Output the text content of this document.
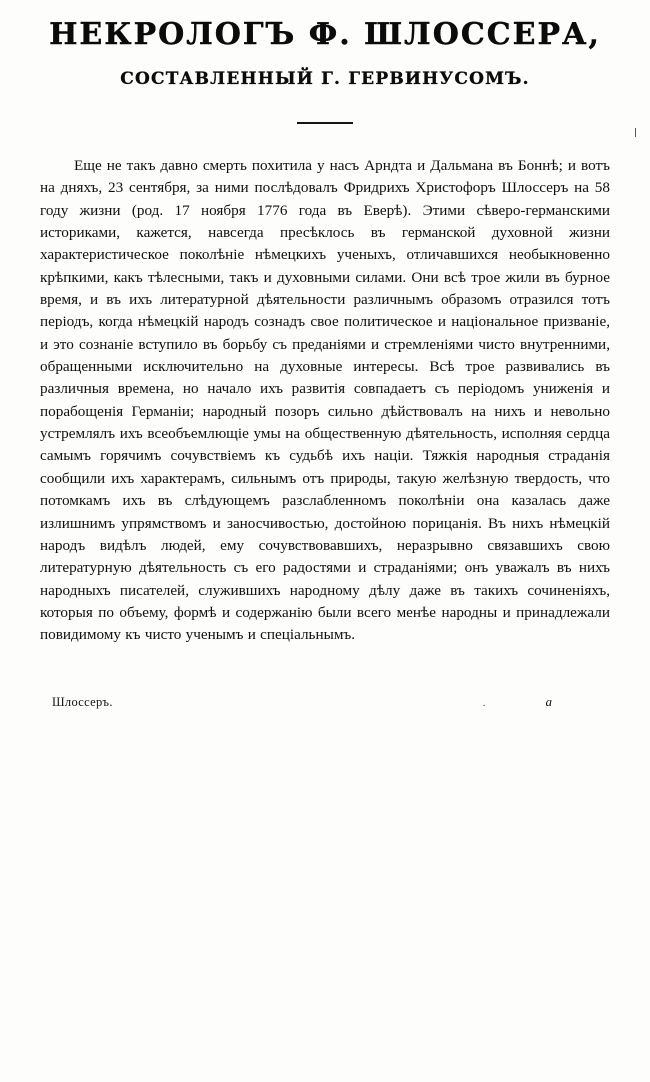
НЕКРОЛОГЪ Ф. ШЛОССЕРА,
СОСТАВЛЕННЫЙ Г. ГЕРВИНУСОМЪ.

Еще не такъ давно смерть похитила у насъ Арндта и Дальмана въ Боннѣ; и вотъ на дняхъ, 23 сентября, за ними послѣдовалъ Фридрихъ Христофоръ Шлоссеръ на 58 году жизни (род. 17 ноября 1776 года въ Еверѣ). Этими сѣверо-германскими историками, кажется, навсегда пресѣклось въ германской духовной жизни характеристическое поколѣніе нѣмецкихъ ученыхъ, отличавшихся необыкновенно крѣпкими, какъ тѣлесными, такъ и духовными силами. Они всѣ трое жили въ бурное время, и въ ихъ литературной дѣятельности различнымъ образомъ отразился тотъ періодъ, когда нѣмецкій народъ сознадъ свое политическое и національное призваніе, и это сознаніе вступило въ борьбу съ преданіями и стремленіями чисто внутренними, обращенными исключительно на духовные интересы. Всѣ трое развивались въ различныя времена, но начало ихъ развитія совпадаетъ съ періодомъ униженія и порабощенія Германіи; народный позоръ сильно дѣйствовалъ на нихъ и невольно устремлялъ ихъ всеобъемлющіе умы на общественную дѣятельность, исполняя сердца самымъ горячимъ сочувствіемъ къ судьбѣ ихъ націи. Тяжкія народныя страданія сообщили ихъ характерамъ, сильнымъ отъ природы, такую желѣзную твердость, что потомкамъ ихъ въ слѣдующемъ разслабленномъ поколѣніи она казалась даже излишнимъ упрямствомъ и заносчивостью, достойною порицанія. Въ нихъ нѣмецкій народъ видѣлъ людей, ему сочувствовавшихъ, неразрывно связавшихъ свою литературную дѣятельность съ его радостями и страданіями; онъ уважалъ въ нихъ народныхъ писателей, служившихъ народному дѣлу даже въ такихъ сочиненіяхъ, которыя по объему, формѣ и содержанію были всего менѣе народны и принадлежали повидимому къ чисто ученымъ и спеціальнымъ.

Шлоссеръ.	.	а
